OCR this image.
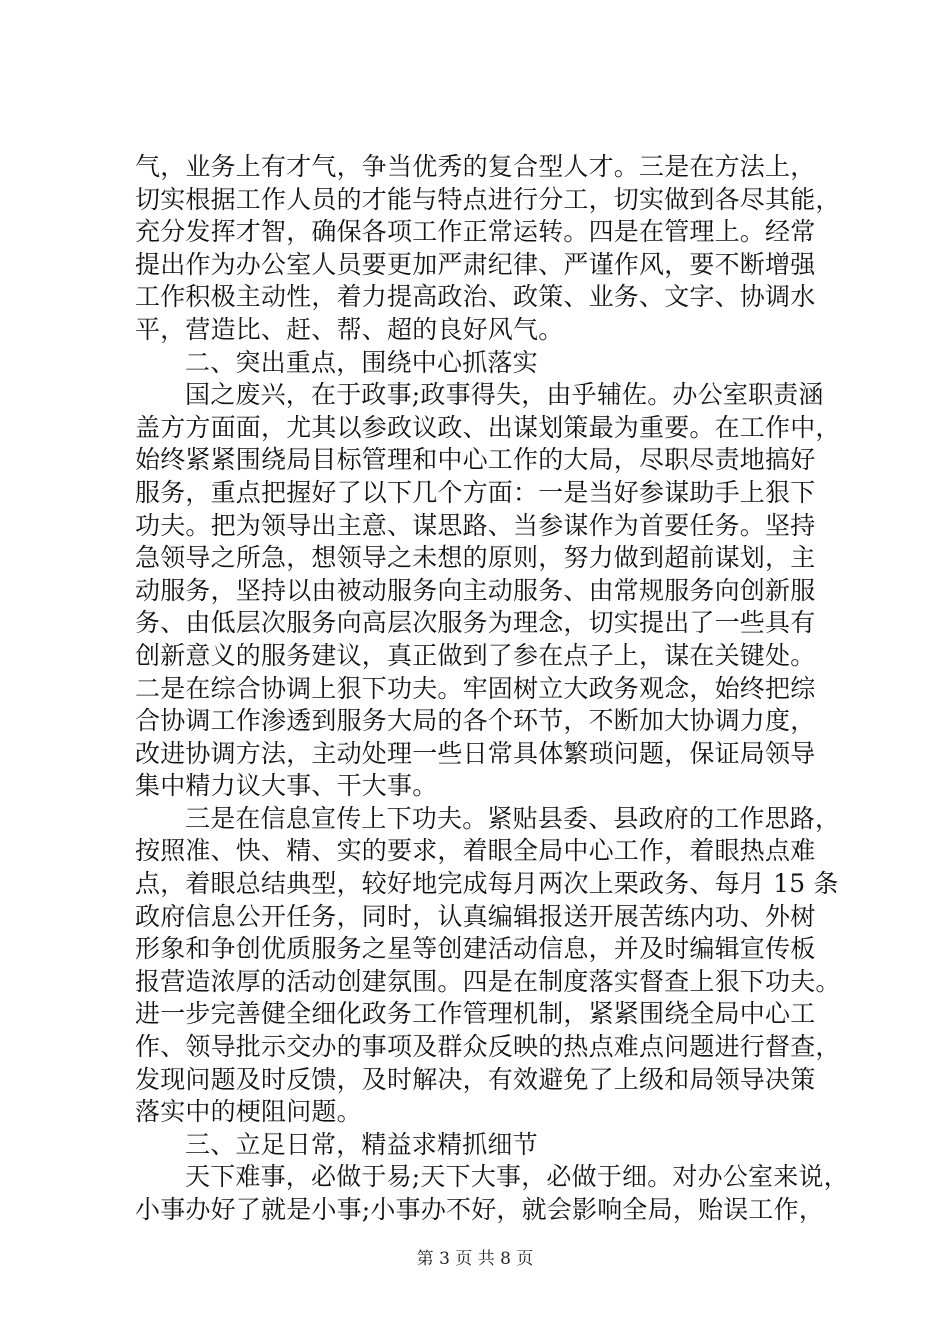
气，业务上有才气，争当优秀的复合型人才。三是在方法上，
切实根据工作人员的才能与特点进行分工，切实做到各尽其能，
充分发挥才智，确保各项工作正常运转。四是在管理上。经常
提出作为办公室人员要更加严肃纪律、严谨作风，要不断增强
工作积极主动性，着力提高政治、政策、业务、文字、协调水
平，营造比、赶、帮、超的良好风气。
二、突出重点，围绕中心抓落实
国之废兴，在于政事;政事得失，由乎辅佐。办公室职责涵
盖方方面面，尤其以参政议政、出谋划策最为重要。在工作中，
始终紧紧围绕局目标管理和中心工作的大局，尽职尽责地搞好
服务，重点把握好了以下几个方面：一是当好参谋助手上狠下
功夫。把为领导出主意、谋思路、当参谋作为首要任务。坚持
急领导之所急，想领导之未想的原则，努力做到超前谋划，主
动服务，坚持以由被动服务向主动服务、由常规服务向创新服
务、由低层次服务向高层次服务为理念，切实提出了一些具有
创新意义的服务建议，真正做到了参在点子上，谋在关键处。
二是在综合协调上狠下功夫。牢固树立大政务观念，始终把综
合协调工作渗透到服务大局的各个环节，不断加大协调力度，
改进协调方法，主动处理一些日常具体繁琐问题，保证局领导
集中精力议大事、干大事。
三是在信息宣传上下功夫。紧贴县委、县政府的工作思路，
按照准、快、精、实的要求，着眼全局中心工作，着眼热点难
点，着眼总结典型，较好地完成每月两次上栗政务、每月 15 条
政府信息公开任务，同时，认真编辑报送开展苦练内功、外树
形象和争创优质服务之星等创建活动信息，并及时编辑宣传板
报营造浓厚的活动创建氛围。四是在制度落实督查上狠下功夫。
进一步完善健全细化政务工作管理机制，紧紧围绕全局中心工
作、领导批示交办的事项及群众反映的热点难点问题进行督查，
发现问题及时反馈，及时解决，有效避免了上级和局领导决策
落实中的梗阻问题。
三、立足日常，精益求精抓细节
天下难事，必做于易;天下大事，必做于细。对办公室来说，
小事办好了就是小事;小事办不好，就会影响全局，贻误工作，
第 3 页 共 8 页
